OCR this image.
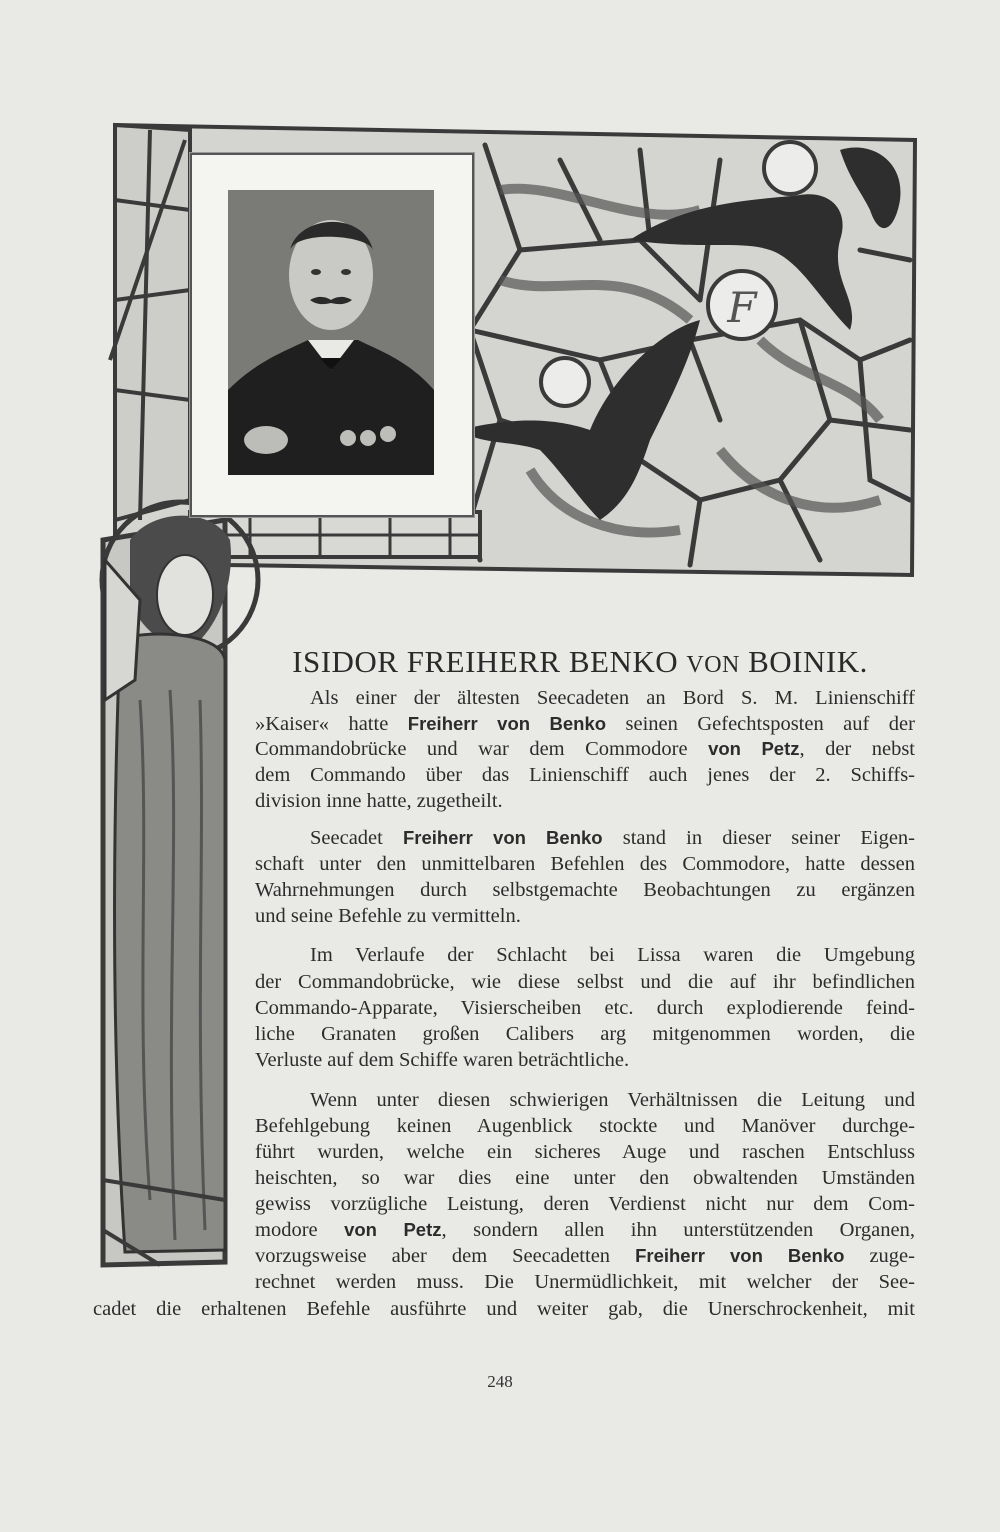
F
ISIDOR FREIHERR BENKO VON BOINIK.
Als einer der ältesten Seecadeten an Bord S. M. Linienschiff
»Kaiser« hatte Freiherr von Benko seinen Gefechtsposten auf der
Commandobrücke und war dem Commodore von Petz, der nebst
dem Commando über das Linienschiff auch jenes der 2. Schiffs-
division inne hatte, zugetheilt.
Seecadet Freiherr von Benko stand in dieser seiner Eigen-
schaft unter den unmittelbaren Befehlen des Commodore, hatte dessen
Wahrnehmungen durch selbstgemachte Beobachtungen zu ergänzen
und seine Befehle zu vermitteln.
Im Verlaufe der Schlacht bei Lissa waren die Umgebung
der Commandobrücke, wie diese selbst und die auf ihr befindlichen
Commando-Apparate, Visierscheiben etc. durch explodierende feind-
liche Granaten großen Calibers arg mitgenommen worden, die
Verluste auf dem Schiffe waren beträchtliche.
Wenn unter diesen schwierigen Verhältnissen die Leitung und
Befehlgebung keinen Augenblick stockte und Manöver durchge-
führt wurden, welche ein sicheres Auge und raschen Entschluss
heischten, so war dies eine unter den obwaltenden Umständen
gewiss vorzügliche Leistung, deren Verdienst nicht nur dem Com-
modore von Petz, sondern allen ihn unterstützenden Organen,
vorzugsweise aber dem Seecadetten Freiherr von Benko zuge-
rechnet werden muss. Die Unermüdlichkeit, mit welcher der See-
cadet die erhaltenen Befehle ausführte und weiter gab, die Unerschrockenheit, mit
248
